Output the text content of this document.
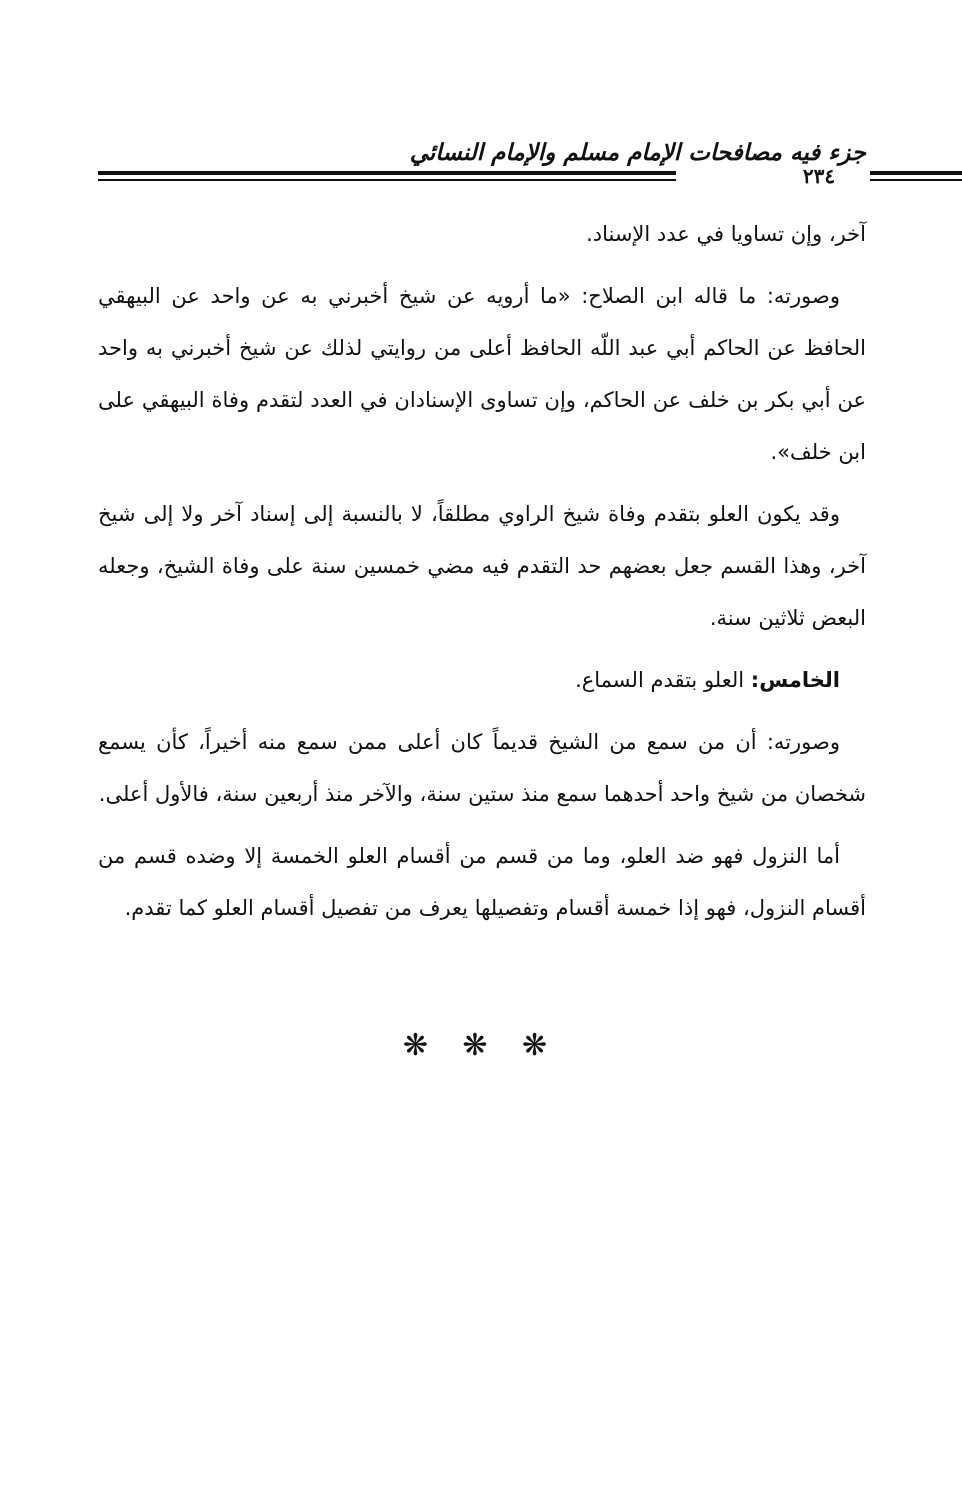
جزء فيه مصافحات الإمام مسلم والإمام النسائي
٢٣٤

آخر، وإن تساويا في عدد الإسناد.

وصورته: ما قاله ابن الصلاح: «ما أرويه عن شيخ أخبرني به عن واحد عن البيهقي الحافظ عن الحاكم أبي عبد اللّه الحافظ أعلى من روايتي لذلك عن شيخ أخبرني به واحد عن أبي بكر بن خلف عن الحاكم، وإن تساوى الإسنادان في العدد لتقدم وفاة البيهقي على ابن خلف».

وقد يكون العلو بتقدم وفاة شيخ الراوي مطلقاً، لا بالنسبة إلى إسناد آخر ولا إلى شيخ آخر، وهذا القسم جعل بعضهم حد التقدم فيه مضي خمسين سنة على وفاة الشيخ، وجعله البعض ثلاثين سنة.

الخامس: العلو بتقدم السماع.

وصورته: أن من سمع من الشيخ قديماً كان أعلى ممن سمع منه أخيراً، كأن يسمع شخصان من شيخ واحد أحدهما سمع منذ ستين سنة، والآخر منذ أربعين سنة، فالأول أعلى.

أما النزول فهو ضد العلو، وما من قسم من أقسام العلو الخمسة إلا وضده قسم من أقسام النزول، فهو إذا خمسة أقسام وتفصيلها يعرف من تفصيل أقسام العلو كما تقدم.

❋ ❋ ❋
